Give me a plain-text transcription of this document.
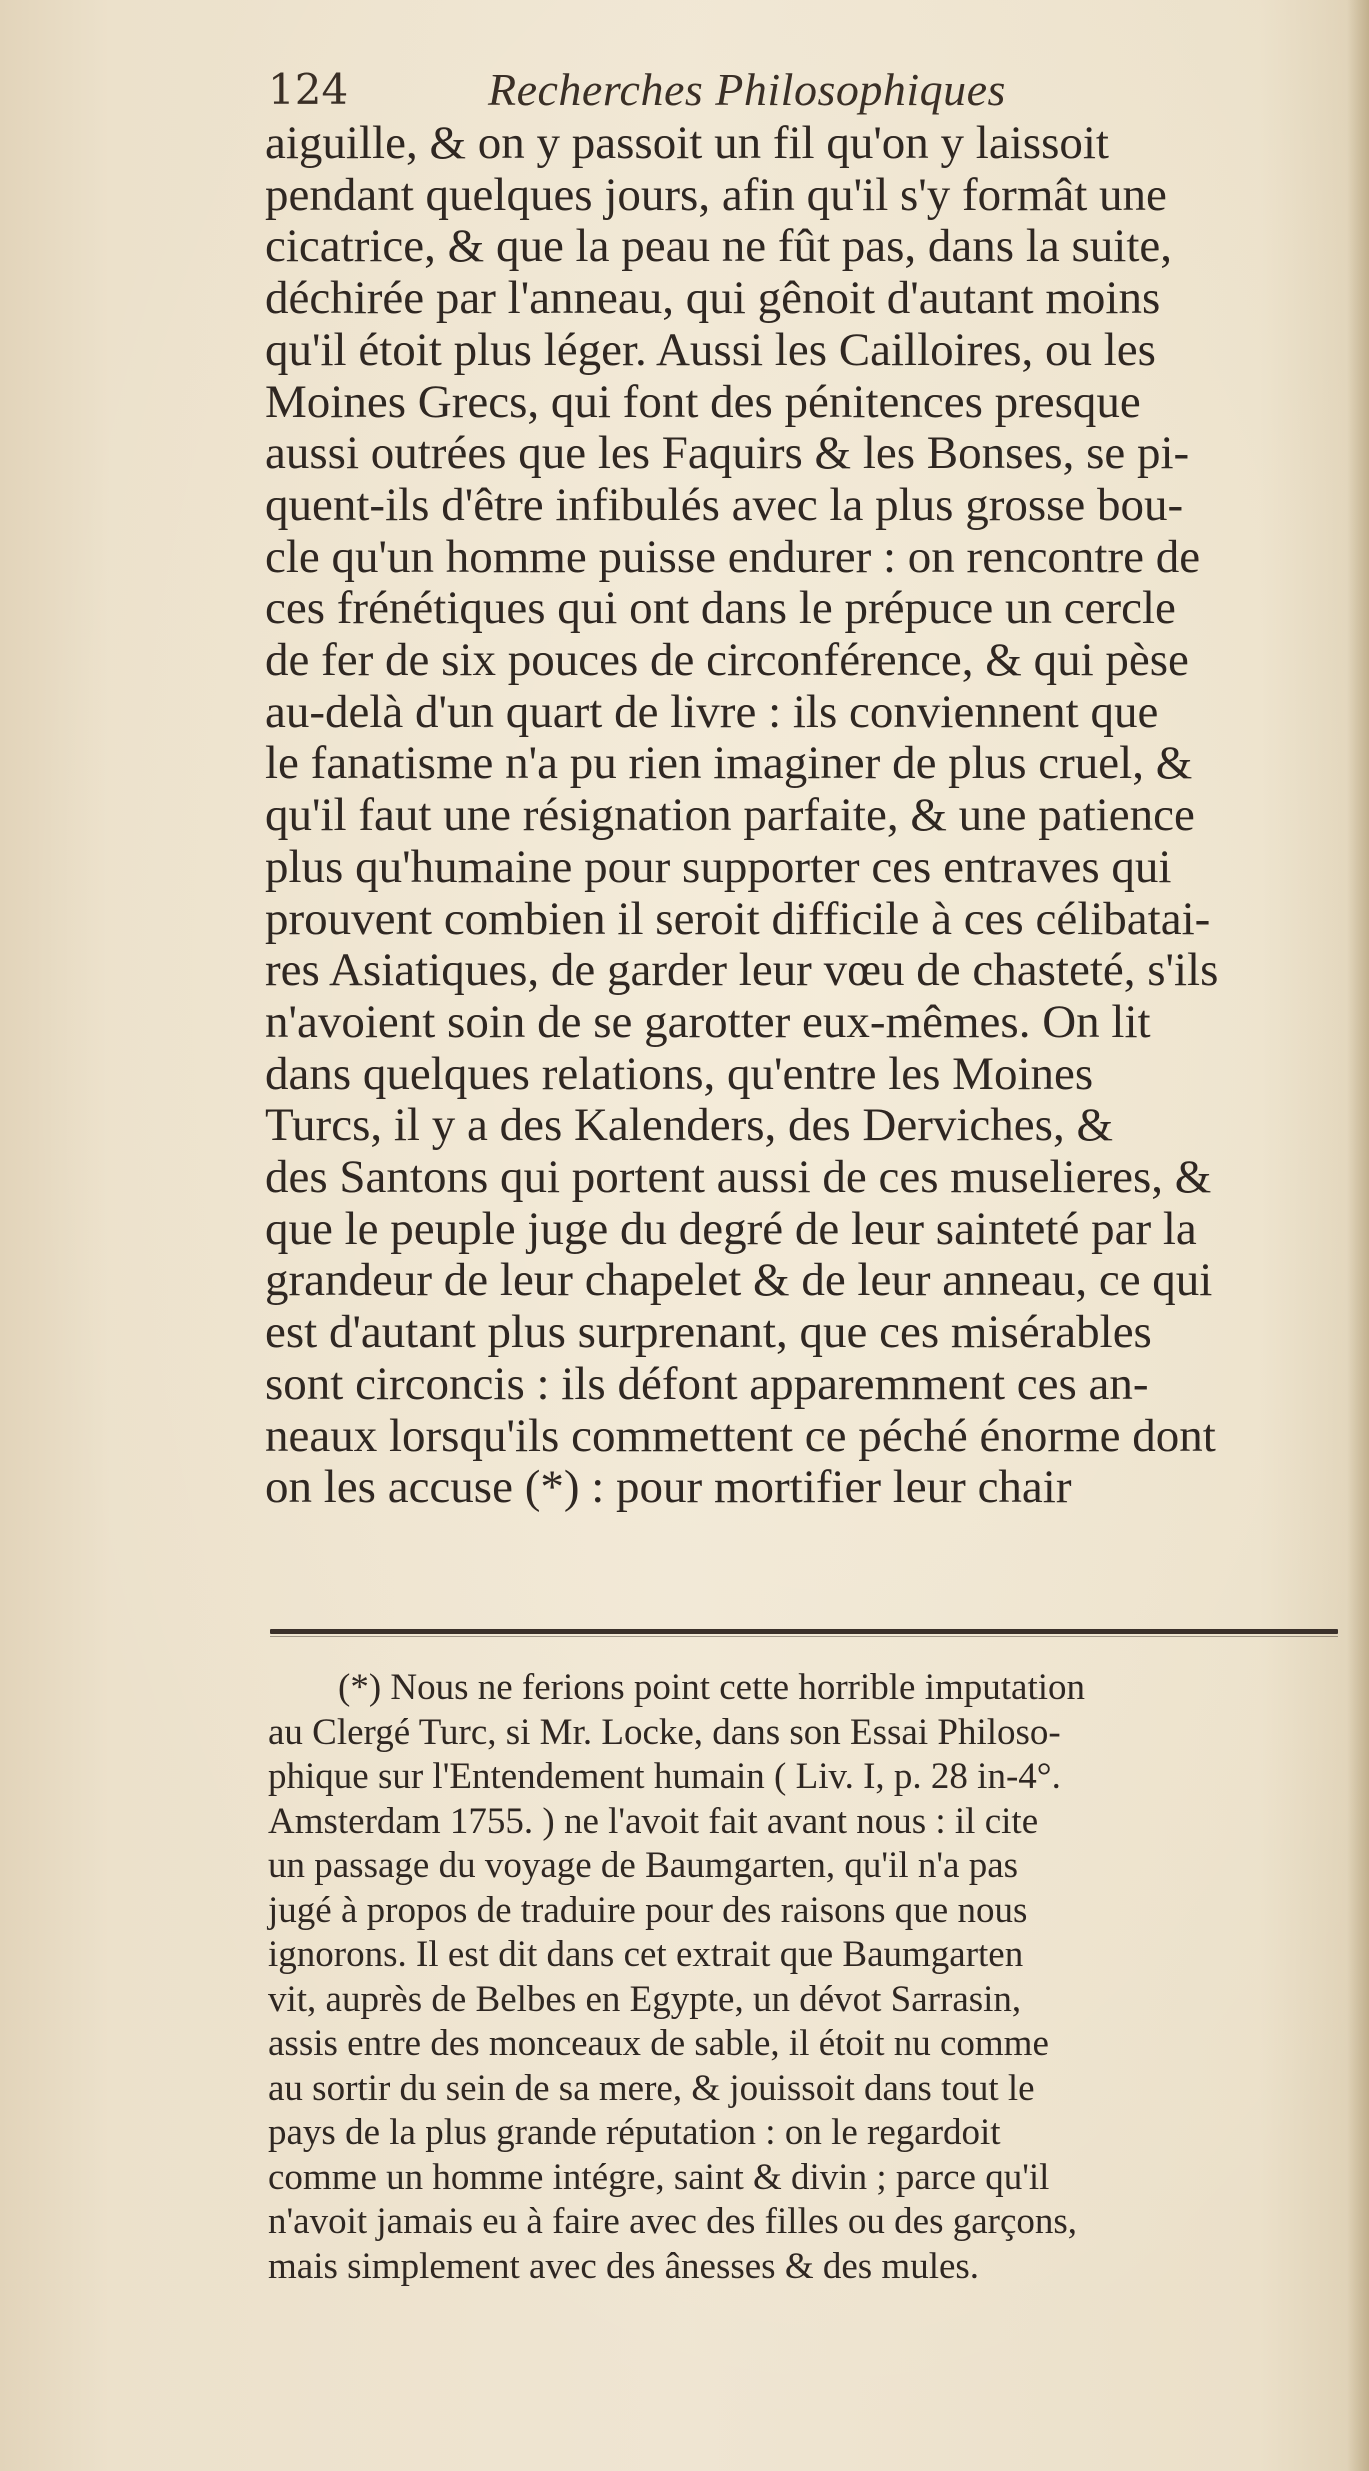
124	Recherches Philosophiques
aiguille, & on y passoit un fil qu'on y laissoit
pendant quelques jours, afin qu'il s'y formât une
cicatrice, & que la peau ne fût pas, dans la suite,
déchirée par l'anneau, qui gênoit d'autant moins
qu'il étoit plus léger. Aussi les Cailloires, ou les
Moines Grecs, qui font des pénitences presque
aussi outrées que les Faquirs & les Bonses, se pi-
quent-ils d'être infibulés avec la plus grosse bou-
cle qu'un homme puisse endurer : on rencontre de
ces frénétiques qui ont dans le prépuce un cercle
de fer de six pouces de circonférence, & qui pèse
au-delà d'un quart de livre : ils conviennent que
le fanatisme n'a pu rien imaginer de plus cruel, &
qu'il faut une résignation parfaite, & une patience
plus qu'humaine pour supporter ces entraves qui
prouvent combien il seroit difficile à ces célibatai-
res Asiatiques, de garder leur vœu de chasteté, s'ils
n'avoient soin de se garotter eux-mêmes. On lit
dans quelques relations, qu'entre les Moines
Turcs, il y a des Kalenders, des Derviches, &
des Santons qui portent aussi de ces muselieres, &
que le peuple juge du degré de leur sainteté par la
grandeur de leur chapelet & de leur anneau, ce qui
est d'autant plus surprenant, que ces misérables
sont circoncis : ils défont apparemment ces an-
neaux lorsqu'ils commettent ce péché énorme dont
on les accuse (*) : pour mortifier leur chair
(*) Nous ne ferions point cette horrible imputation
au Clergé Turc, si Mr. Locke, dans son Essai Philoso-
phique sur l'Entendement humain ( Liv. I, p. 28 in-4°.
Amsterdam 1755. ) ne l'avoit fait avant nous : il cite
un passage du voyage de Baumgarten, qu'il n'a pas
jugé à propos de traduire pour des raisons que nous
ignorons. Il est dit dans cet extrait que Baumgarten
vit, auprès de Belbes en Egypte, un dévot Sarrasin,
assis entre des monceaux de sable, il étoit nu comme
au sortir du sein de sa mere, & jouissoit dans tout le
pays de la plus grande réputation : on le regardoit
comme un homme intégre, saint & divin ; parce qu'il
n'avoit jamais eu à faire avec des filles ou des garçons,
mais simplement avec des ânesses & des mules.
